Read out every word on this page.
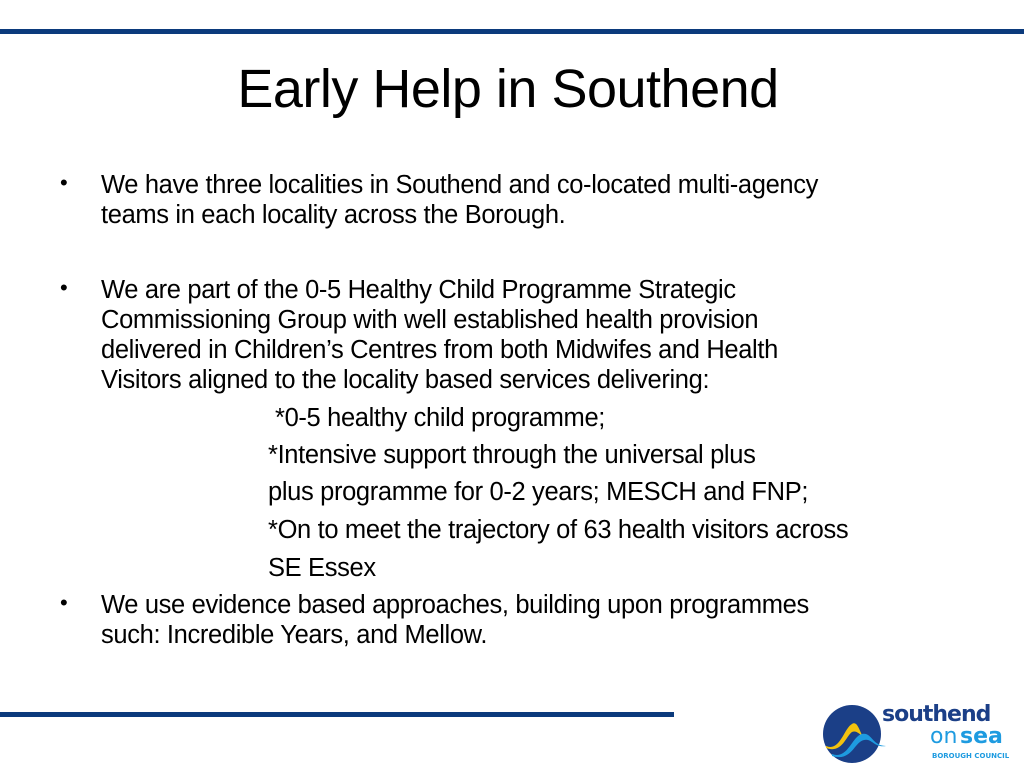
Early Help in Southend
• We have three localities in Southend and co-located multi-agency
teams in each locality across the Borough.
• We are part of the 0-5 Healthy Child Programme Strategic
Commissioning Group with well established health provision
delivered in Children’s Centres from both Midwifes and Health
Visitors aligned to the locality based services delivering:
*0-5 healthy child programme;
*Intensive support through the universal plus
plus programme for 0-2 years; MESCH and FNP;
*On to meet the trajectory of 63 health visitors across
SE Essex
• We use evidence based approaches, building upon programmes
such: Incredible Years, and Mellow.
southend
on sea
BOROUGH COUNCIL
